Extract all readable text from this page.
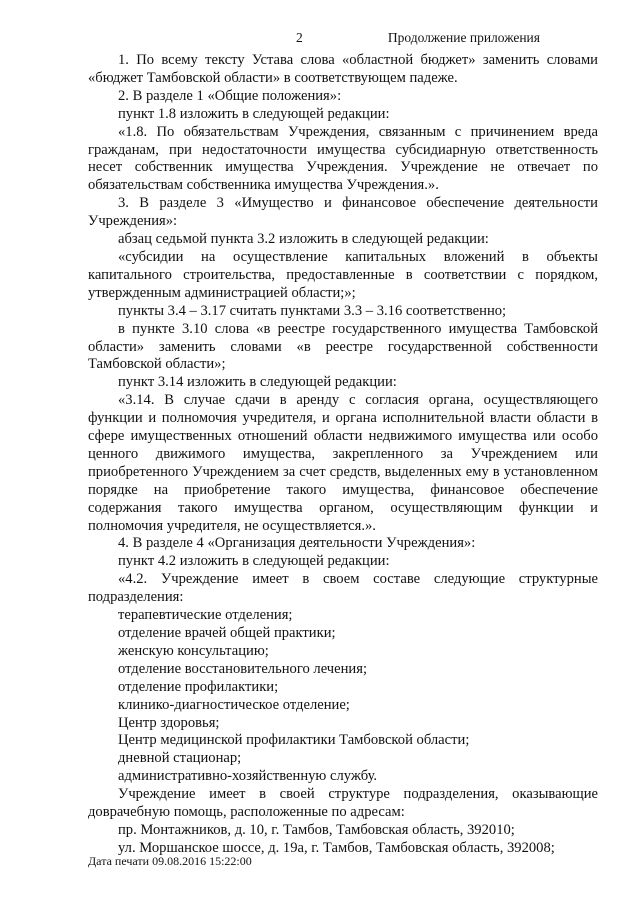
2	Продолжение приложения

1. По всему тексту Устава слова «областной бюджет» заменить словами «бюджет Тамбовской области» в соответствующем падеже.

2. В разделе 1 «Общие положения»:

пункт 1.8 изложить в следующей редакции:

«1.8. По обязательствам Учреждения, связанным с причинением вреда гражданам, при недостаточности имущества субсидиарную ответственность несет собственник имущества Учреждения. Учреждение не отвечает по обязательствам собственника имущества Учреждения.».

3. В разделе 3 «Имущество и финансовое обеспечение деятельности Учреждения»:

абзац седьмой пункта 3.2 изложить в следующей редакции:

«субсидии на осуществление капитальных вложений в объекты капитального строительства, предоставленные в соответствии с порядком, утвержденным администрацией области;»;

пункты 3.4 – 3.17 считать пунктами 3.3 – 3.16 соответственно;

в пункте 3.10 слова «в реестре государственного имущества Тамбовской области» заменить словами «в реестре государственной собственности Тамбовской области»;

пункт 3.14 изложить в следующей редакции:

«3.14. В случае сдачи в аренду с согласия органа, осуществляющего функции и полномочия учредителя, и органа исполнительной власти области в сфере имущественных отношений области недвижимого имущества или особо ценного движимого имущества, закрепленного за Учреждением или приобретенного Учреждением за счет средств, выделенных ему в установленном порядке на приобретение такого имущества, финансовое обеспечение содержания такого имущества органом, осуществляющим функции и полномочия учредителя, не осуществляется.».

4. В разделе 4 «Организация деятельности Учреждения»:

пункт 4.2 изложить в следующей редакции:

«4.2. Учреждение имеет в своем составе следующие структурные подразделения:

терапевтические отделения;

отделение врачей общей практики;

женскую консультацию;

отделение восстановительного лечения;

отделение профилактики;

клинико-диагностическое отделение;

Центр здоровья;

Центр медицинской профилактики Тамбовской области;

дневной стационар;

административно-хозяйственную службу.

Учреждение имеет в своей структуре подразделения, оказывающие доврачебную помощь, расположенные по адресам:

пр. Монтажников, д. 10, г. Тамбов, Тамбовская область, 392010;

ул. Моршанское шоссе, д. 19а, г. Тамбов, Тамбовская область, 392008;

Дата печати 09.08.2016 15:22:00
